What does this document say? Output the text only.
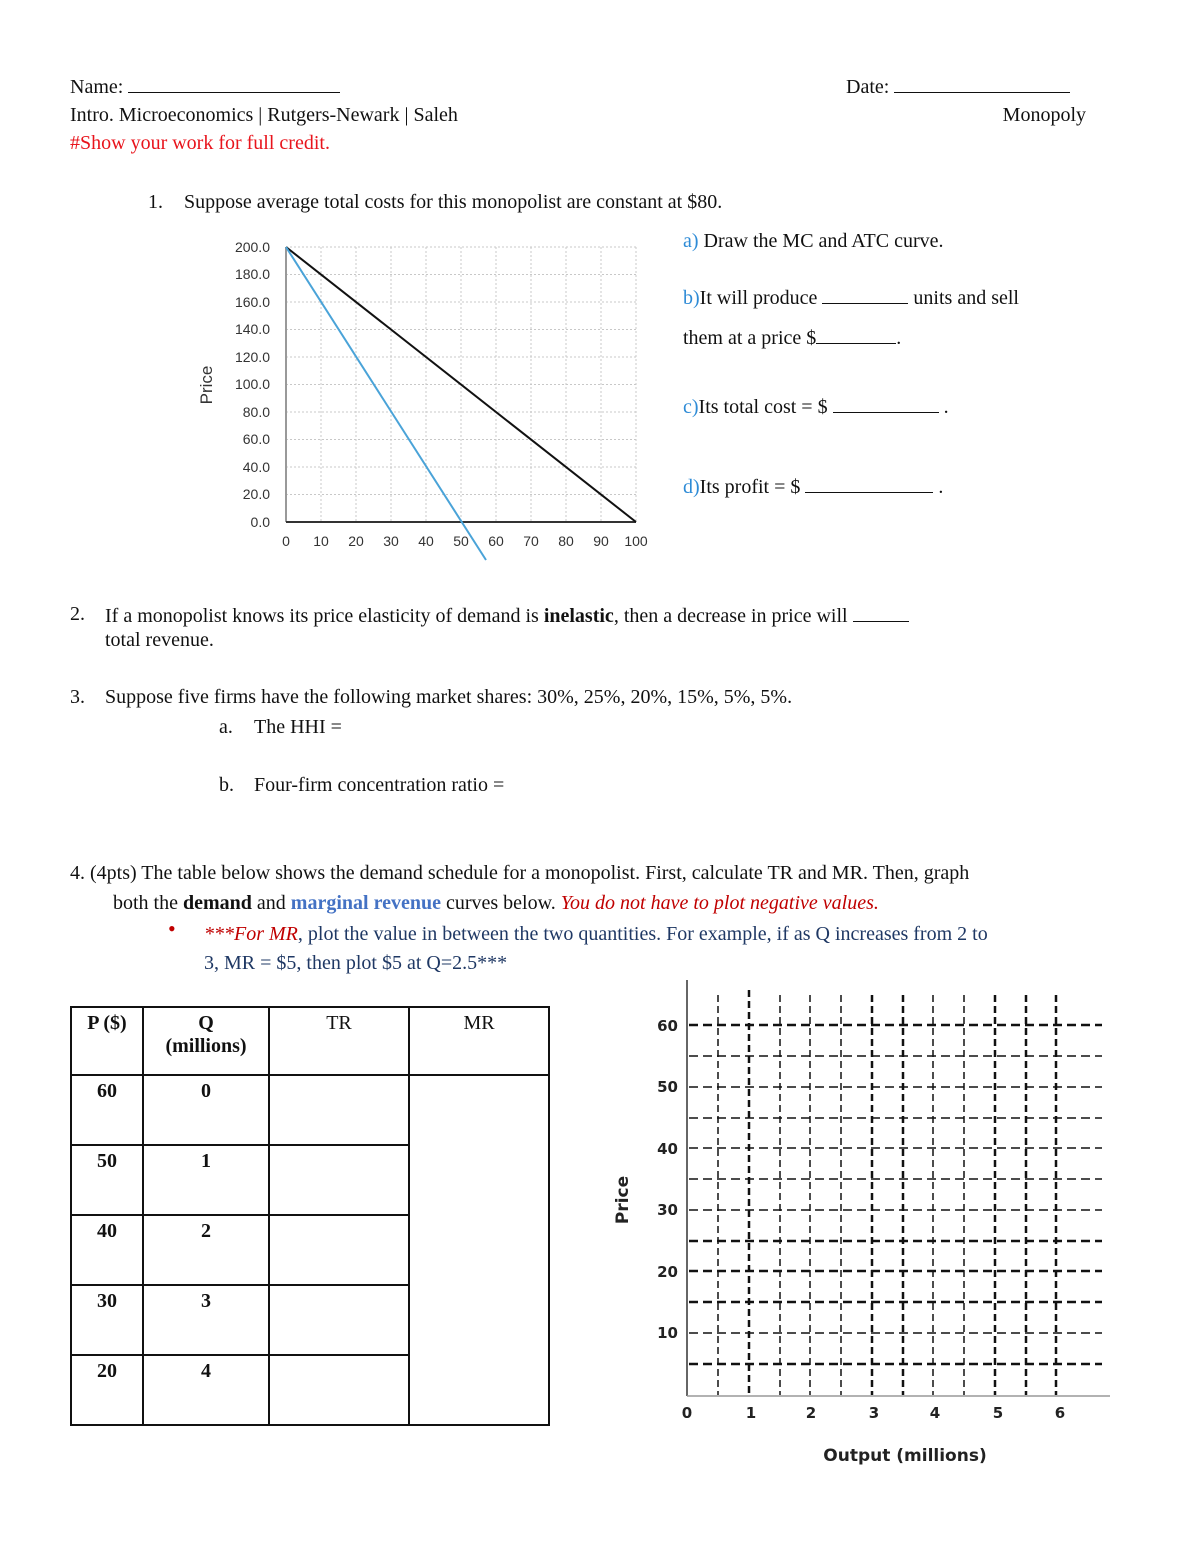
Name:	Date:
Intro. Microeconomics | Rutgers-Newark | Saleh	Monopoly
#Show your work for full credit.
1. Suppose average total costs for this monopolist are constant at $80.
200.0
180.0
160.0
140.0
120.0
100.0
80.0
60.0
40.0
20.0
0.0
0 10 20 30 40 50 60 70 80 90 100
Price
a) Draw the MC and ATC curve.
b)It will produce	units and sell
them at a price $	.
c)Its total cost = $	.
d)Its profit = $	.
2. If a monopolist knows its price elasticity of demand is inelastic, then a decrease in price will
total revenue.
3. Suppose five firms have the following market shares: 30%, 25%, 20%, 15%, 5%, 5%.
a. The HHI =
b. Four-firm concentration ratio =
4. (4pts) The table below shows the demand schedule for a monopolist. First, calculate TR and MR. Then, graph
both the demand and marginal revenue curves below. You do not have to plot negative values.
• ***For MR, plot the value in between the two quantities. For example, if as Q increases from 2 to
3, MR = $5, then plot $5 at Q=2.5***
P ($)	Q
(millions)	TR	MR
60	0		
50	1		
40	2		
30	3		
20	4		
60
50
40
30
20
10
0	1	2	3	4	5	6
Output (millions)
Price
